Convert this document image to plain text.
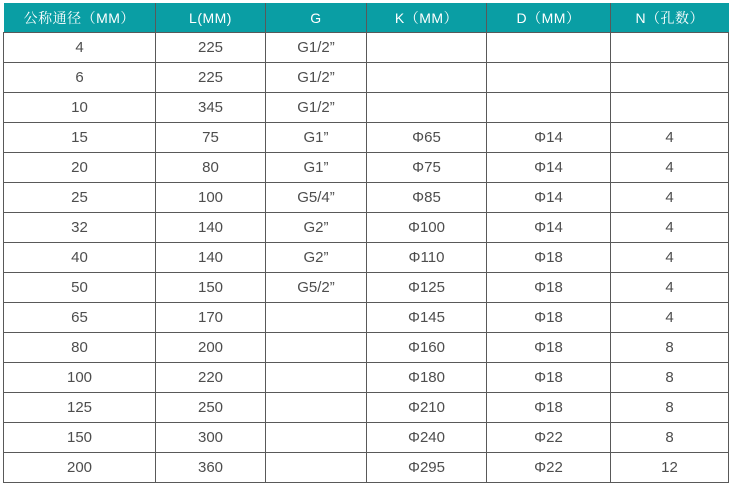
公称通径（MM）	L(MM)	G	K（MM）	D（MM）	N（孔数）
4	225	G1/2”			
6	225	G1/2”			
10	345	G1/2”			
15	75	G1”	Φ65	Φ14	4
20	80	G1”	Φ75	Φ14	4
25	100	G5/4”	Φ85	Φ14	4
32	140	G2”	Φ100	Φ14	4
40	140	G2”	Φ110	Φ18	4
50	150	G5/2”	Φ125	Φ18	4
65	170		Φ145	Φ18	4
80	200		Φ160	Φ18	8
100	220		Φ180	Φ18	8
125	250		Φ210	Φ18	8
150	300		Φ240	Φ22	8
200	360		Φ295	Φ22	12
